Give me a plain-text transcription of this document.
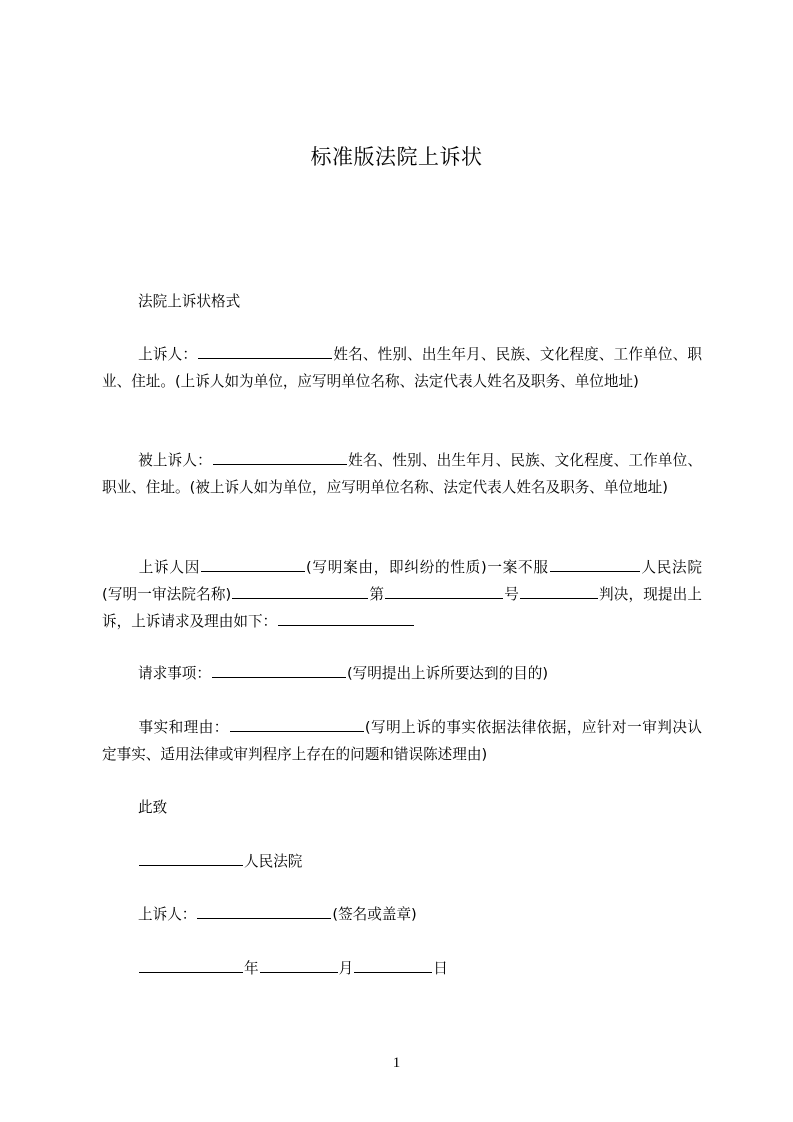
标准版法院上诉状
法院上诉状格式
上诉人：	姓名、性别、出生年月、民族、文化程度、工作单位、职业、住址。(上诉人如为单位，应写明单位名称、法定代表人姓名及职务、单位地址)
被上诉人：	姓名、性别、出生年月、民族、文化程度、工作单位、职业、住址。(被上诉人如为单位，应写明单位名称、法定代表人姓名及职务、单位地址)
上诉人因	(写明案由，即纠纷的性质)一案不服	人民法院(写明一审法院名称)	第	号	判决，现提出上诉，上诉请求及理由如下：
请求事项：	(写明提出上诉所要达到的目的)
事实和理由：	(写明上诉的事实依据法律依据，应针对一审判决认定事实、适用法律或审判程序上存在的问题和错误陈述理由)
此致
人民法院
上诉人：	(签名或盖章)
年	月	日
1
